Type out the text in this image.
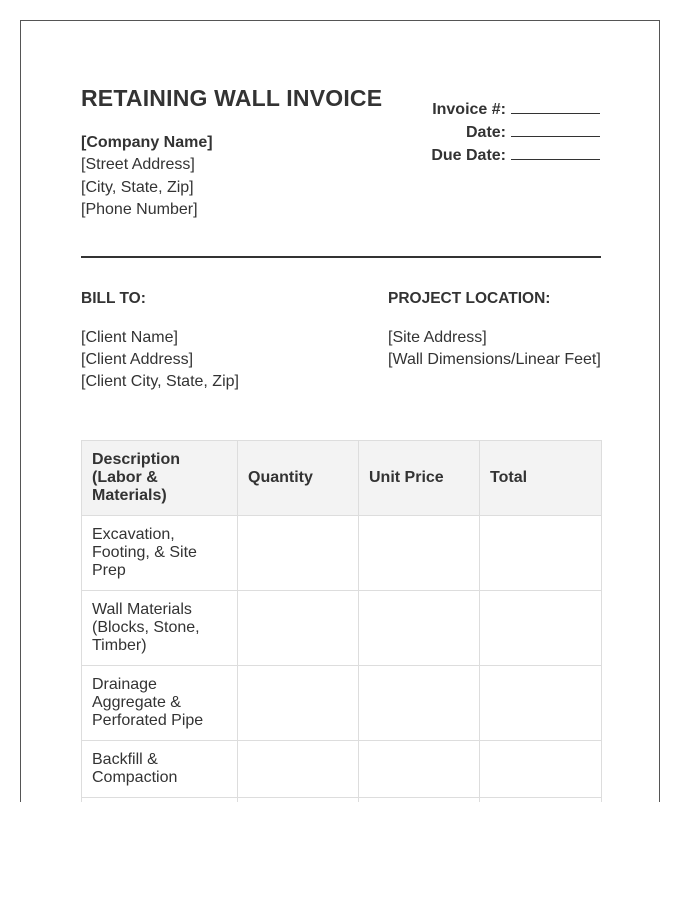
RETAINING WALL INVOICE
[Company Name]
[Street Address]
[City, State, Zip]
[Phone Number]
Invoice #:
Date:
Due Date:
BILL TO:
[Client Name]
[Client Address]
[Client City, State, Zip]
PROJECT LOCATION:
[Site Address]
[Wall Dimensions/Linear Feet]
Description (Labor & Materials)	Quantity	Unit Price	Total
Excavation, Footing, & Site Prep			
Wall Materials (Blocks, Stone, Timber)			
Drainage Aggregate & Perforated Pipe			
Backfill & Compaction			
